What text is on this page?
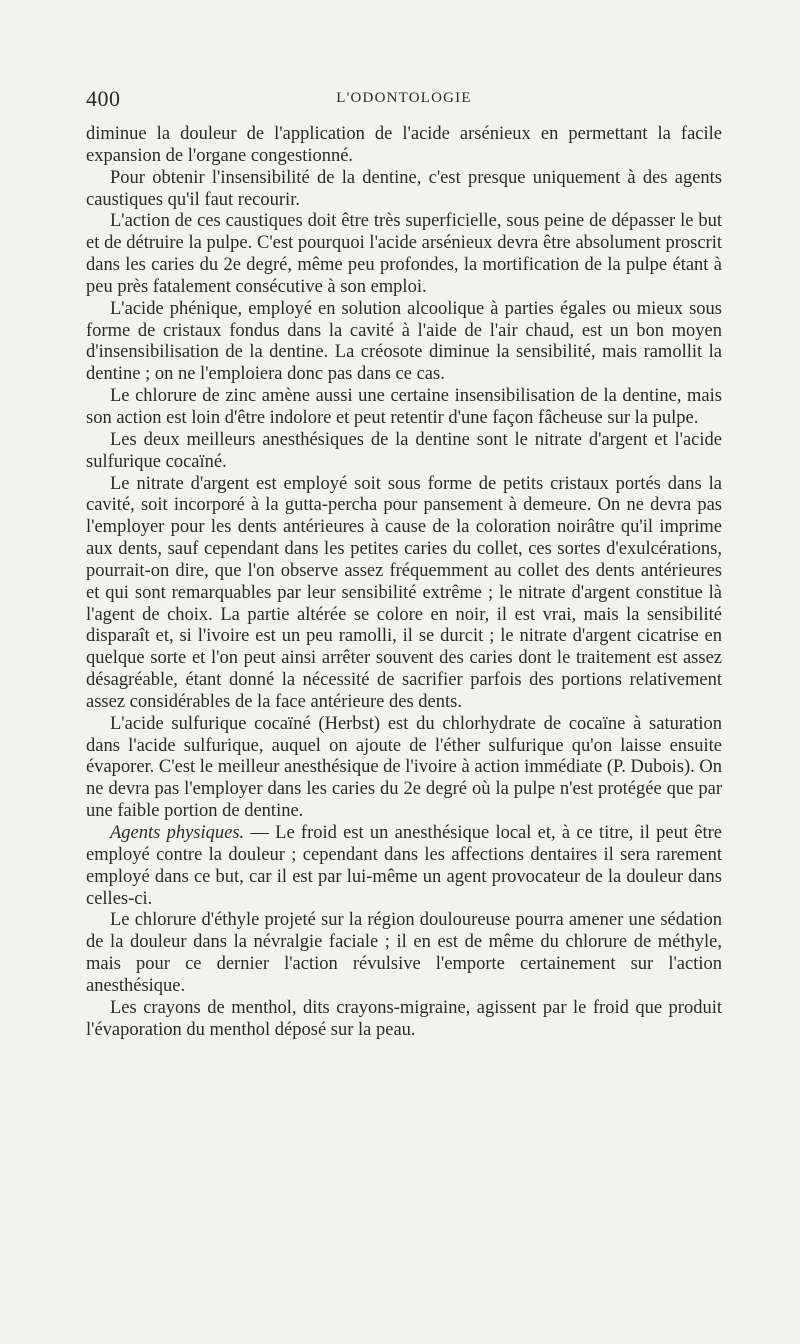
400	L'ODONTOLOGIE

diminue la douleur de l'application de l'acide arsénieux en permettant la facile expansion de l'organe congestionné.

Pour obtenir l'insensibilité de la dentine, c'est presque uniquement à des agents caustiques qu'il faut recourir.

L'action de ces caustiques doit être très superficielle, sous peine de dépasser le but et de détruire la pulpe. C'est pourquoi l'acide arsénieux devra être absolument proscrit dans les caries du 2e degré, même peu profondes, la mortification de la pulpe étant à peu près fatalement consécutive à son emploi.

L'acide phénique, employé en solution alcoolique à parties égales ou mieux sous forme de cristaux fondus dans la cavité à l'aide de l'air chaud, est un bon moyen d'insensibilisation de la dentine. La créosote diminue la sensibilité, mais ramollit la dentine ; on ne l'emploiera donc pas dans ce cas.

Le chlorure de zinc amène aussi une certaine insensibilisation de la dentine, mais son action est loin d'être indolore et peut retentir d'une façon fâcheuse sur la pulpe.

Les deux meilleurs anesthésiques de la dentine sont le nitrate d'argent et l'acide sulfurique cocaïné.

Le nitrate d'argent est employé soit sous forme de petits cristaux portés dans la cavité, soit incorporé à la gutta-percha pour pansement à demeure. On ne devra pas l'employer pour les dents antérieures à cause de la coloration noirâtre qu'il imprime aux dents, sauf cependant dans les petites caries du collet, ces sortes d'exulcérations, pourrait-on dire, que l'on observe assez fréquemment au collet des dents antérieures et qui sont remarquables par leur sensibilité extrême ; le nitrate d'argent constitue là l'agent de choix. La partie altérée se colore en noir, il est vrai, mais la sensibilité disparaît et, si l'ivoire est un peu ramolli, il se durcit ; le nitrate d'argent cicatrise en quelque sorte et l'on peut ainsi arrêter souvent des caries dont le traitement est assez désagréable, étant donné la nécessité de sacrifier parfois des portions relativement assez considérables de la face antérieure des dents.

L'acide sulfurique cocaïné (Herbst) est du chlorhydrate de cocaïne à saturation dans l'acide sulfurique, auquel on ajoute de l'éther sulfurique qu'on laisse ensuite évaporer. C'est le meilleur anesthésique de l'ivoire à action immédiate (P. Dubois). On ne devra pas l'employer dans les caries du 2e degré où la pulpe n'est protégée que par une faible portion de dentine.

Agents physiques. — Le froid est un anesthésique local et, à ce titre, il peut être employé contre la douleur ; cependant dans les affections dentaires il sera rarement employé dans ce but, car il est par lui-même un agent provocateur de la douleur dans celles-ci.

Le chlorure d'éthyle projeté sur la région douloureuse pourra amener une sédation de la douleur dans la névralgie faciale ; il en est de même du chlorure de méthyle, mais pour ce dernier l'action révulsive l'emporte certainement sur l'action anesthésique.

Les crayons de menthol, dits crayons-migraine, agissent par le froid que produit l'évaporation du menthol déposé sur la peau.
